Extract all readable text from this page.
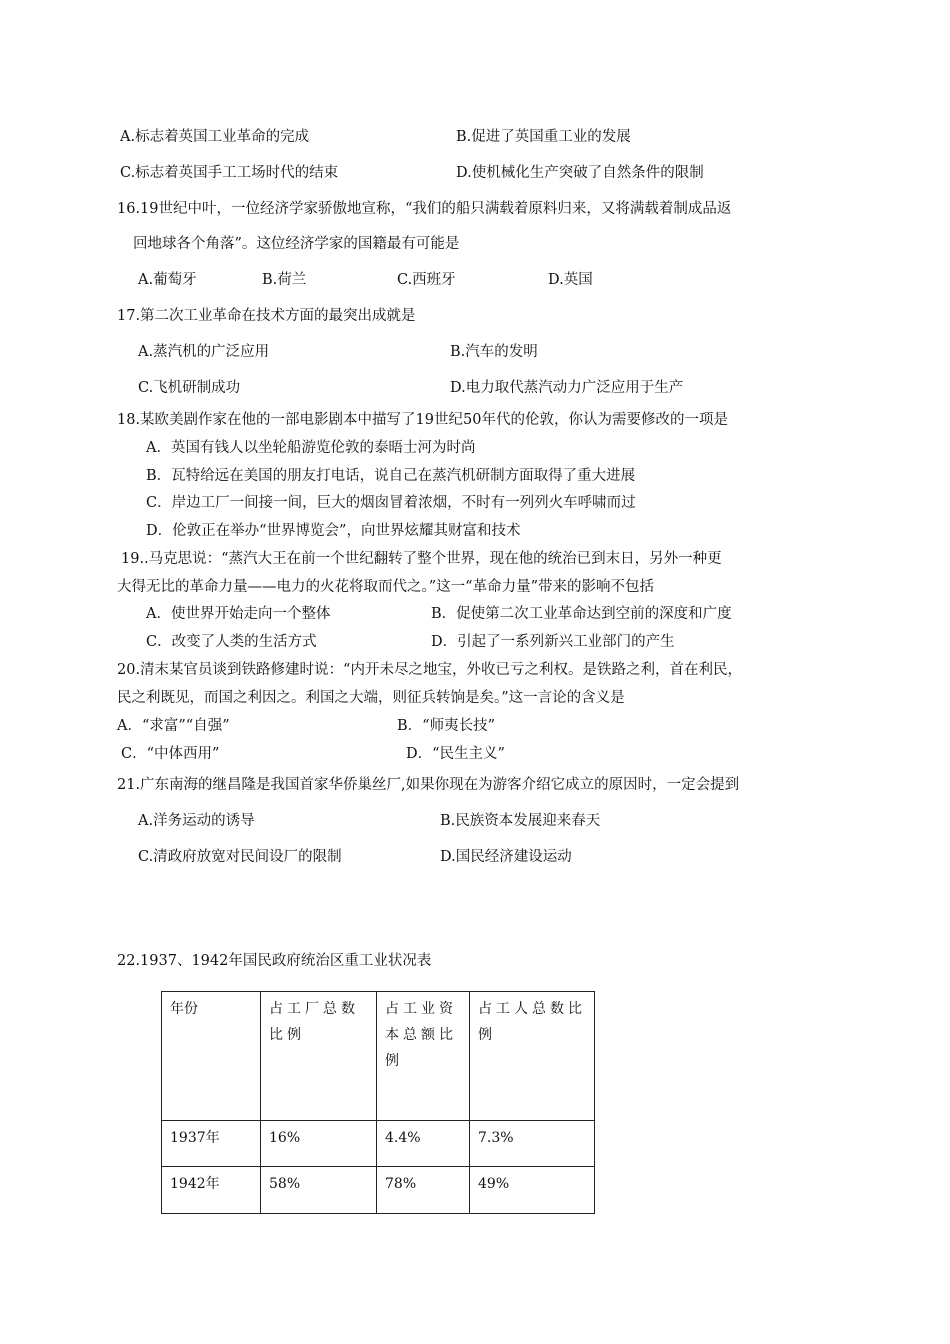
A.标志着英国工业革命的完成	B.促进了英国重工业的发展
C.标志着英国手工工场时代的结束	D.使机械化生产突破了自然条件的限制
16.19世纪中叶，一位经济学家骄傲地宣称，“我们的船只满载着原料归来，又将满载着制成品返
回地球各个角落”。这位经济学家的国籍最有可能是
A.葡萄牙	B.荷兰	C.西班牙	D.英国
17.第二次工业革命在技术方面的最突出成就是
A.蒸汽机的广泛应用	B.汽车的发明
C.飞机研制成功	D.电力取代蒸汽动力广泛应用于生产
18.某欧美剧作家在他的一部电影剧本中描写了19世纪50年代的伦敦，你认为需要修改的一项是
A．英国有钱人以坐轮船游览伦敦的泰晤士河为时尚
B．瓦特给远在美国的朋友打电话，说自己在蒸汽机研制方面取得了重大进展
C．岸边工厂一间接一间，巨大的烟囱冒着浓烟，不时有一列列火车呼啸而过
D．伦敦正在举办“世界博览会”，向世界炫耀其财富和技术
19..马克思说：“蒸汽大王在前一个世纪翻转了整个世界，现在他的统治已到末日，另外一种更
大得无比的革命力量——电力的火花将取而代之。”这一“革命力量”带来的影响不包括
A．使世界开始走向一个整体	B．促使第二次工业革命达到空前的深度和广度
C．改变了人类的生活方式	D．引起了一系列新兴工业部门的产生
20.清末某官员谈到铁路修建时说：“内开未尽之地宝，外收已亏之利权。是铁路之利，首在利民，
民之利既见，而国之利因之。利国之大端，则征兵转饷是矣。”这一言论的含义是
A．“求富”“自强”	B．“师夷长技”
C．“中体西用”	D．“民生主义”
21.广东南海的继昌隆是我国首家华侨巢丝厂,如果你现在为游客介绍它成立的原因时，一定会提到
A.洋务运动的诱导	B.民族资本发展迎来春天
C.清政府放宽对民间设厂的限制	D.国民经济建设运动
22.1937、1942年国民政府统治区重工业状况表
年份	占工厂总数比例	占工业资本总额比例	占工人总数比例
1937年	16%	4.4%	7.3%
1942年	58%	78%	49%
